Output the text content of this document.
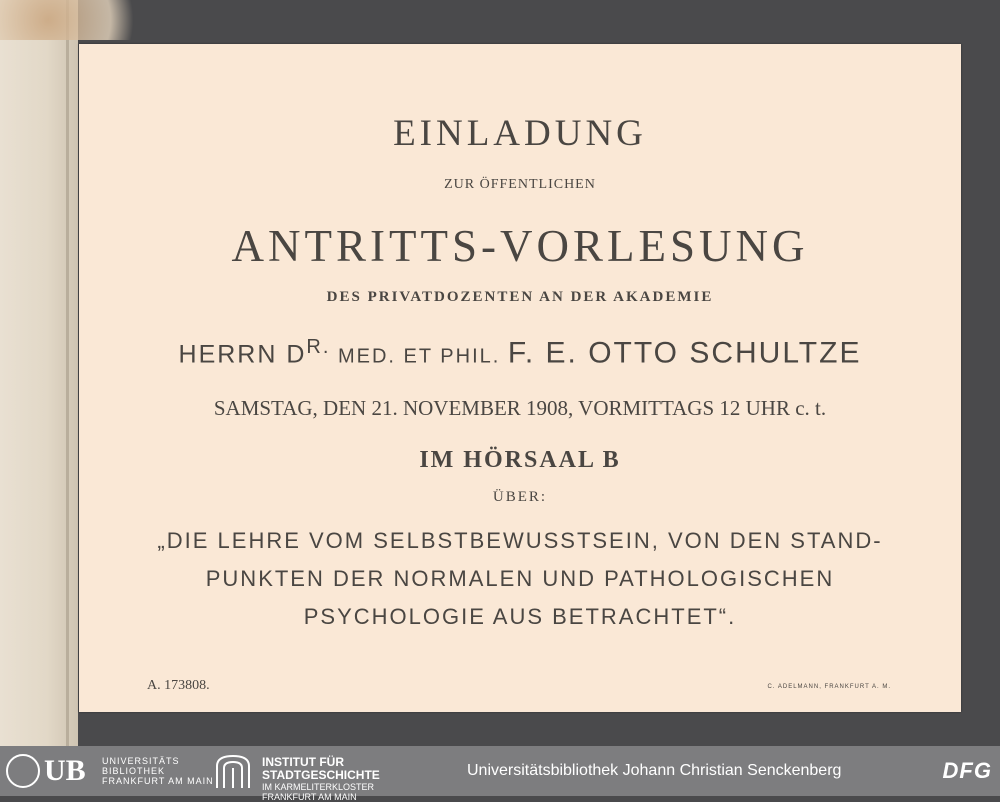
EINLADUNG
ZUR ÖFFENTLICHEN
ANTRITTS-VORLESUNG
DES PRIVATDOZENTEN AN DER AKADEMIE
HERRN $D^{R.}$ MED. ET PHIL. F. E. OTTO SCHULTZE
SAMSTAG, DEN 21. NOVEMBER 1908, VORMITTAGS 12 UHR c. t.
IM HÖRSAAL B
ÜBER:
„DIE LEHRE VOM SELBSTBEWUSSTSEIN, VON DEN STAND-
PUNKTEN DER NORMALEN UND PATHOLOGISCHEN
PSYCHOLOGIE AUS BETRACHTET“.
A. 173808.	C. ADELMANN, FRANKFURT A. M.
UB UNIVERSITÄTS
BIBLIOTHEK
FRANKFURT AM MAIN
INSTITUT FÜR
STADTGESCHICHTE
IM KARMELITERKLOSTER
FRANKFURT AM MAIN
Universitätsbibliothek Johann Christian Senckenberg	DFG
